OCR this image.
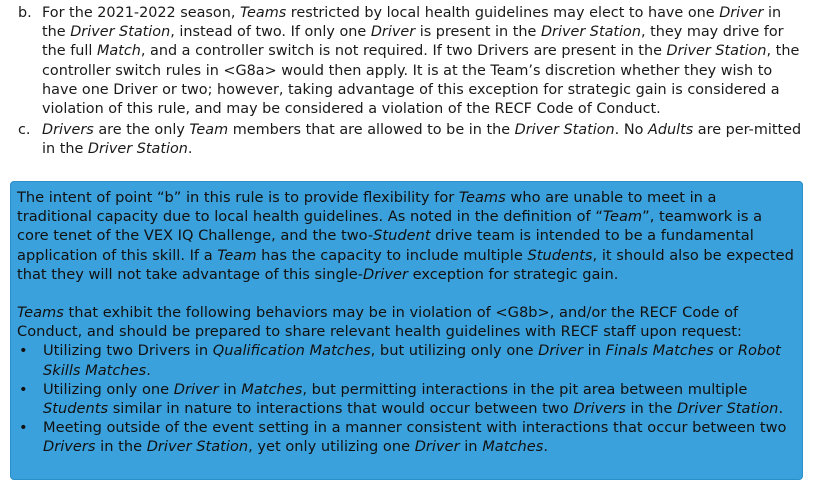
b. For the 2021-2022 season, Teams restricted by local health guidelines may elect to have one Driver in the Driver Station, instead of two. If only one Driver is present in the Driver Station, they may drive for the full Match, and a controller switch is not required. If two Drivers are present in the Driver Station, the controller switch rules in <G8a> would then apply. It is at the Team’s discretion whether they wish to have one Driver or two; however, taking advantage of this exception for strategic gain is considered a violation of this rule, and may be considered a violation of the RECF Code of Conduct.
c. Drivers are the only Team members that are allowed to be in the Driver Station. No Adults are per-mitted in the Driver Station.

The intent of point “b” in this rule is to provide flexibility for Teams who are unable to meet in a traditional capacity due to local health guidelines. As noted in the definition of “Team”, teamwork is a core tenet of the VEX IQ Challenge, and the two-Student drive team is intended to be a fundamental application of this skill. If a Team has the capacity to include multiple Students, it should also be expected that they will not take advantage of this single-Driver exception for strategic gain.

Teams that exhibit the following behaviors may be in violation of <G8b>, and/or the RECF Code of Conduct, and should be prepared to share relevant health guidelines with RECF staff upon request:

• Utilizing two Drivers in Qualification Matches, but utilizing only one Driver in Finals Matches or Robot Skills Matches.
• Utilizing only one Driver in Matches, but permitting interactions in the pit area between multiple Students similar in nature to interactions that would occur between two Drivers in the Driver Station.
• Meeting outside of the event setting in a manner consistent with interactions that occur between two Drivers in the Driver Station, yet only utilizing one Driver in Matches.
